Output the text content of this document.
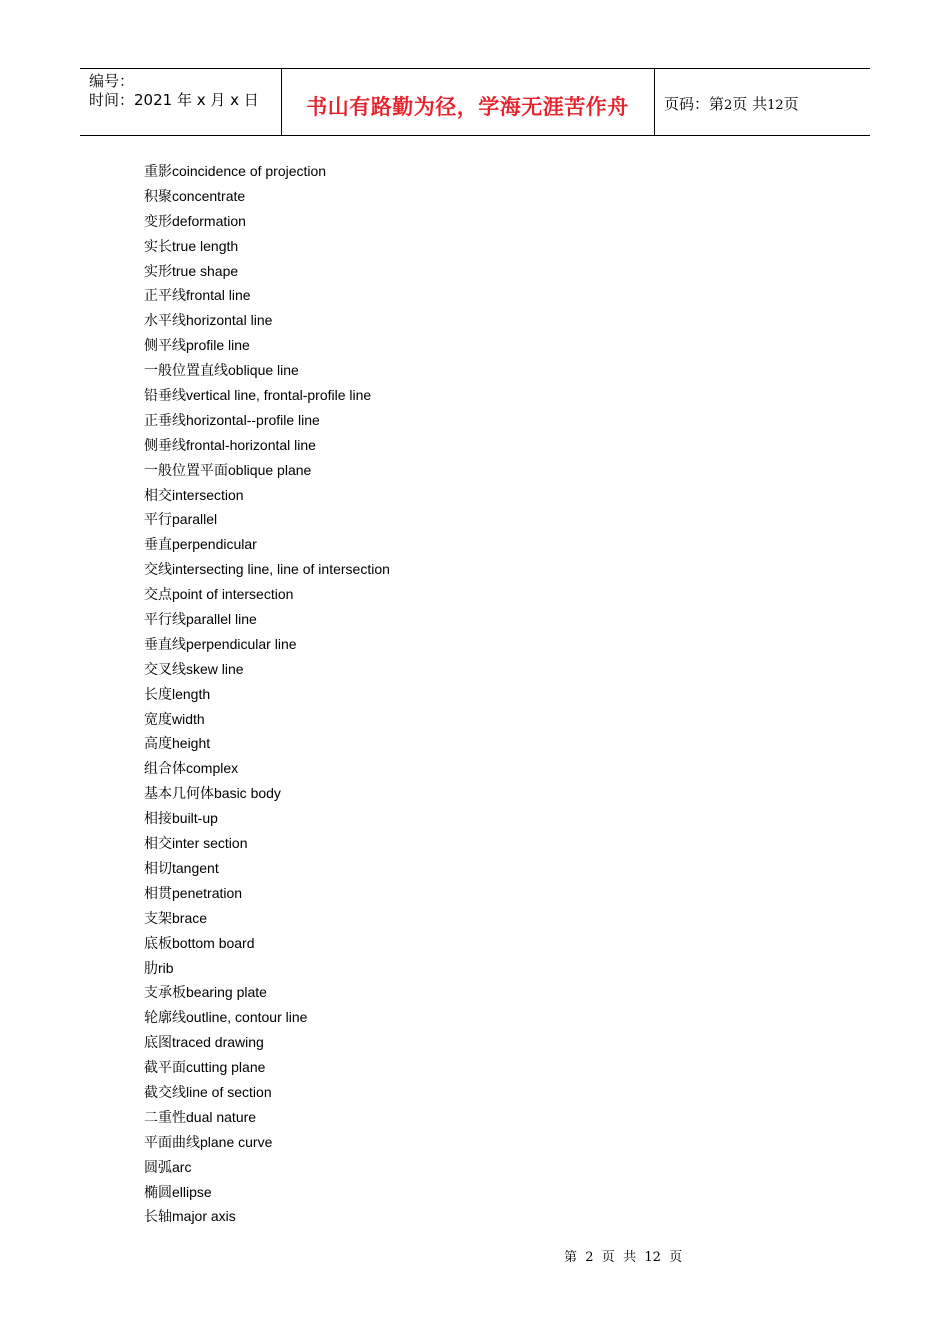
编号：
时间：2021 年 x 月 x 日	书山有路勤为径，学海无涯苦作舟	页码：第2页 共12页
重影coincidence of projection
积聚concentrate
变形deformation
实长true length
实形true shape
正平线frontal line
水平线horizontal line
侧平线profile line
一般位置直线oblique line
铅垂线vertical line, frontal-profile line
正垂线horizontal--profile line
侧垂线frontal-horizontal line
一般位置平面oblique plane
相交intersection
平行parallel
垂直perpendicular
交线intersecting line, line of intersection
交点point of intersection
平行线parallel line
垂直线perpendicular line
交叉线skew line
长度length
宽度width
高度height
组合体complex
基本几何体basic body
相接built-up
相交inter section
相切tangent
相贯penetration
支架brace
底板bottom board
肋rib
支承板bearing plate
轮廓线outline, contour line
底图traced drawing
截平面cutting plane
截交线line of section
二重性dual nature
平面曲线plane curve
圆弧arc
椭圆ellipse
长轴major axis
第  2  页  共  12  页
